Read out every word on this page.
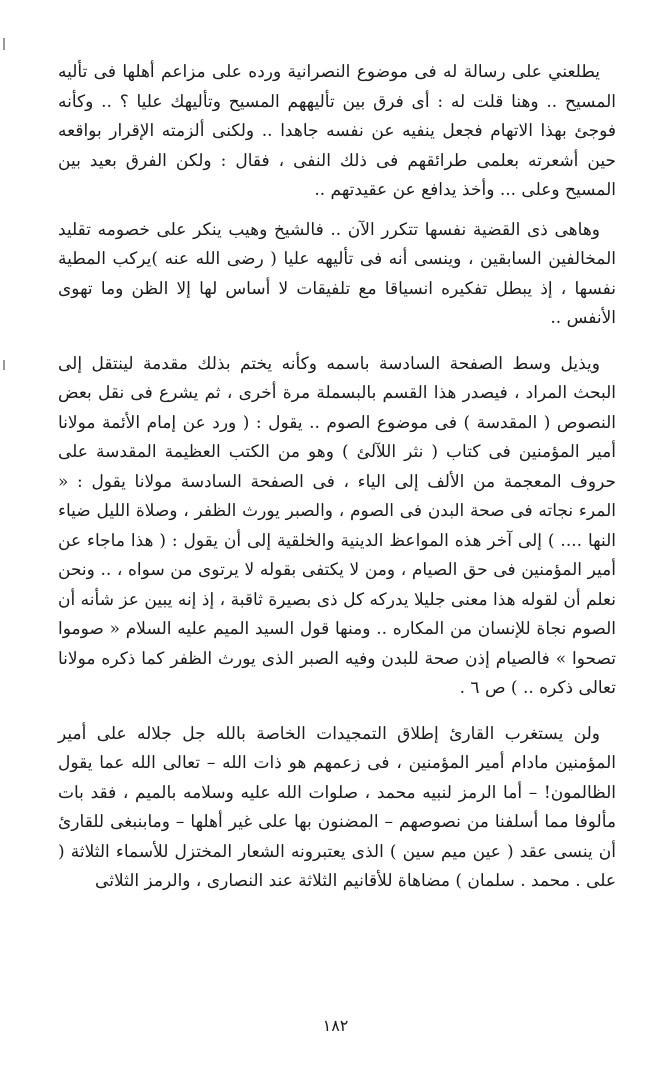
يطلعني على رسالة له فى موضوع النصرانية ورده على مزاعم أهلها فى تأليه المسيح .. وهنا قلت له : أى فرق بين تأليههم المسيح وتأليهك عليا ؟ .. وكأنه فوجئ بهذا الاتهام فجعل ينفيه عن نفسه جاهدا .. ولكنى ألزمته الإقرار بواقعه حين أشعرته بعلمى طرائقهم فى ذلك النفى ، فقال : ولكن الفرق بعيد بين المسيح وعلى ... وأخذ يدافع عن عقيدتهم ..

وهاهى ذى القضية نفسها تتكرر الآن .. فالشيخ وهيب ينكر على خصومه تقليد المخالفين السابقين ، وينسى أنه فى تأليهه عليا ( رضى الله عنه )يركب المطية نفسها ، إذ يبطل تفكيره انسياقا مع تلفيقات لا أساس لها إلا الظن وما تهوى الأنفس ..

ويذيل وسط الصفحة السادسة باسمه وكأنه يختم بذلك مقدمة لينتقل إلى البحث المراد ، فيصدر هذا القسم بالبسملة مرة أخرى ، ثم يشرع فى نقل بعض النصوص ( المقدسة ) فى موضوع الصوم .. يقول : ( ورد عن إمام الأئمة مولانا أمير المؤمنين فى كتاب ( نثر اللآلئ ) وهو من الكتب العظيمة المقدسة على حروف المعجمة من الألف إلى الياء ، فى الصفحة السادسة مولانا يقول : « المرء نجاته فى صحة البدن فى الصوم ، والصبر يورث الظفر ، وصلاة الليل ضياء النها .... ) إلى آخر هذه المواعظ الدينية والخلقية إلى أن يقول : ( هذا ماجاء عن أمير المؤمنين فى حق الصيام ، ومن لا يكتفى بقوله لا يرتوى من سواه ، .. ونحن نعلم أن لقوله هذا معنى جليلا يدركه كل ذى بصيرة ثاقبة ، إذ إنه يبين عز شأنه أن الصوم نجاة للإنسان من المكاره .. ومنها قول السيد الميم عليه السلام « صوموا تصحوا » فالصيام إذن صحة للبدن وفيه الصبر الذى يورث الظفر كما ذكره مولانا تعالى ذكره .. ) ص ٦ .

ولن يستغرب القارئ إطلاق التمجيدات الخاصة بالله جل جلاله على أمير المؤمنين مادام أمير المؤمنين ، فى زعمهم هو ذات الله – تعالى الله عما يقول الظالمون! – أما الرمز لنبيه محمد ، صلوات الله عليه وسلامه بالميم ، فقد بات مألوفا مما أسلفنا من نصوصهم – المضنون بها على غير أهلها – ومابنبغى للقارئ أن ينسى عقد ( عين ميم سين ) الذى يعتبرونه الشعار المختزل للأسماء الثلاثة ( على . محمد . سلمان ) مضاهاة للأقانيم الثلاثة عند النصارى ، والرمز الثلاثى

١٨٢
